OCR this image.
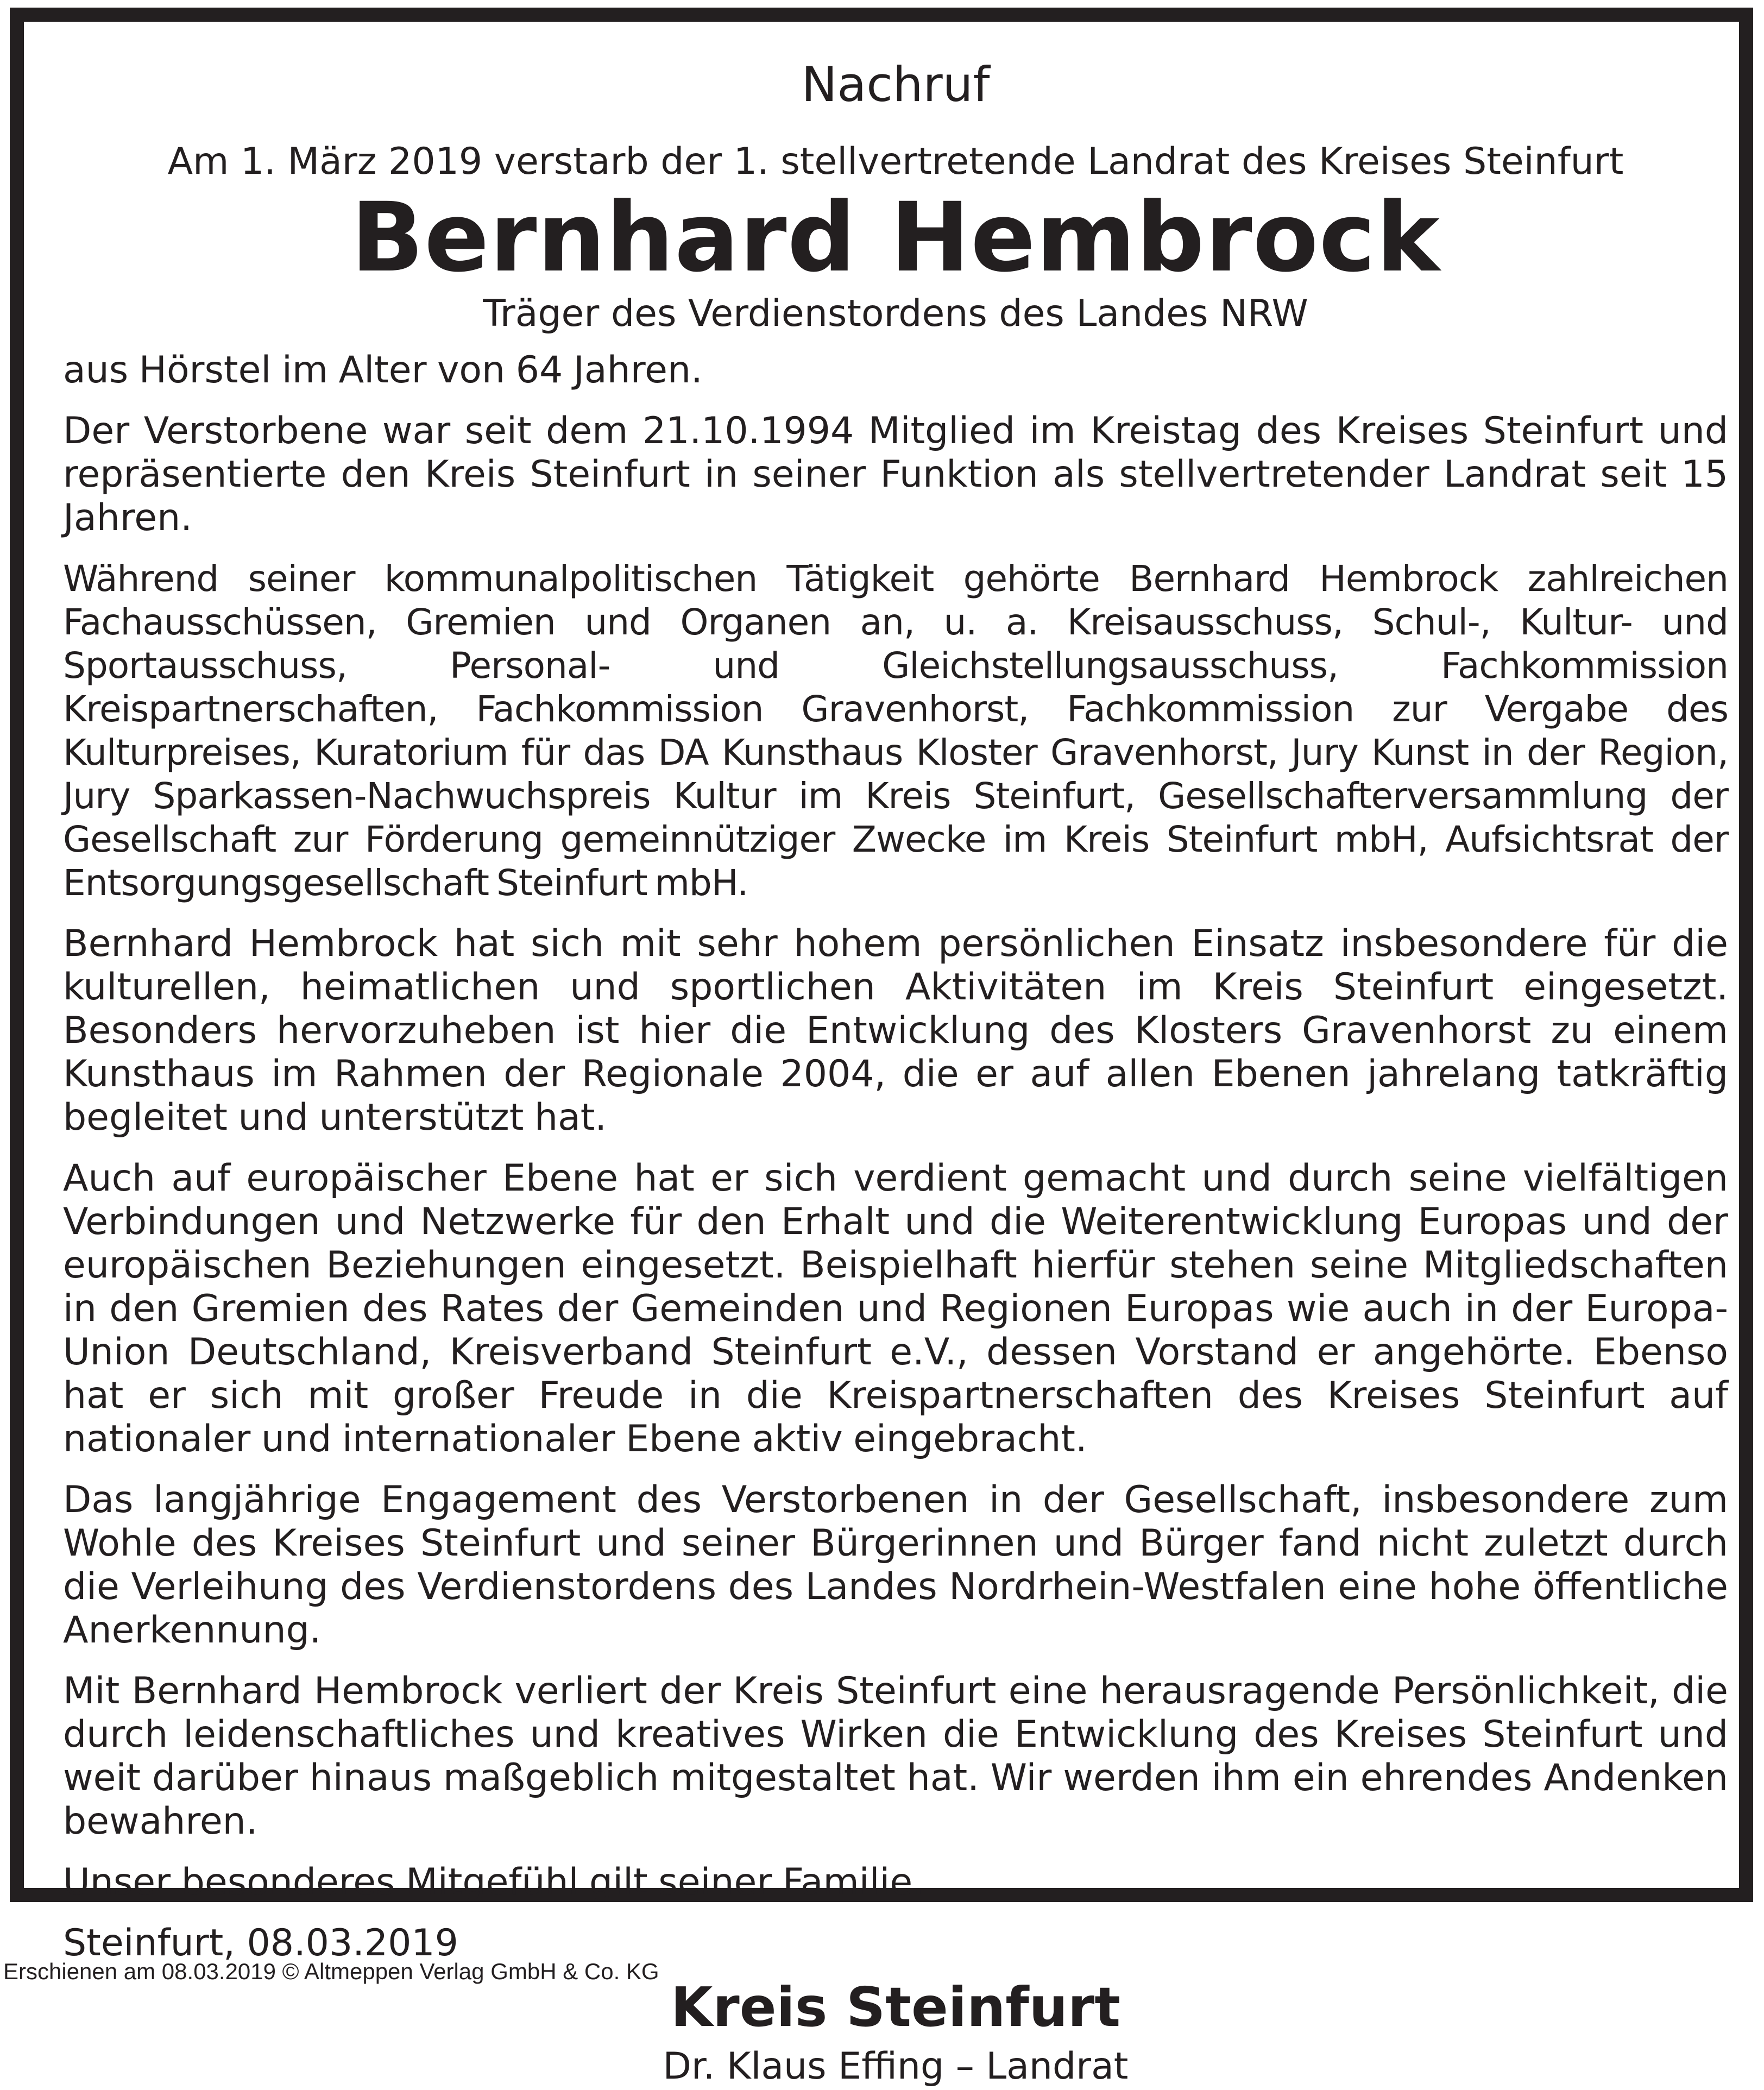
Nachruf

Am 1. März 2019 verstarb der 1. stellvertretende Landrat des Kreises Steinfurt

Bernhard Hembrock

Träger des Verdienstordens des Landes NRW

aus Hörstel im Alter von 64 Jahren.

Der Verstorbene war seit dem 21.10.1994 Mitglied im Kreistag des Kreises Steinfurt und repräsentierte den Kreis Steinfurt in seiner Funktion als stellvertretender Landrat seit 15 Jahren.

Während seiner kommunalpolitischen Tätigkeit gehörte Bernhard Hembrock zahlreichen Fachausschüssen, Gremien und Organen an, u. a. Kreisausschuss, Schul-, Kultur- und Sportausschuss, Personal- und Gleichstellungsausschuss, Fachkommission Kreispartnerschaften, Fachkommission Gravenhorst, Fachkommission zur Vergabe des Kulturpreises, Kuratorium für das DA Kunsthaus Kloster Gravenhorst, Jury Kunst in der Region, Jury Sparkassen-Nachwuchspreis Kultur im Kreis Steinfurt, Gesellschafterversammlung der Gesellschaft zur Förderung gemeinnütziger Zwecke im Kreis Steinfurt mbH, Aufsichtsrat der Entsorgungsgesellschaft Steinfurt mbH.

Bernhard Hembrock hat sich mit sehr hohem persönlichen Einsatz insbesondere für die kulturellen, heimatlichen und sportlichen Aktivitäten im Kreis Steinfurt eingesetzt. Besonders hervorzuheben ist hier die Entwicklung des Klosters Gravenhorst zu einem Kunsthaus im Rahmen der Regionale 2004, die er auf allen Ebenen jahrelang tatkräftig begleitet und unterstützt hat.

Auch auf europäischer Ebene hat er sich verdient gemacht und durch seine vielfältigen Verbindungen und Netzwerke für den Erhalt und die Weiterentwicklung Europas und der europäischen Beziehungen eingesetzt. Beispielhaft hierfür stehen seine Mitgliedschaften in den Gremien des Rates der Gemeinden und Regionen Europas wie auch in der Europa-Union Deutschland, Kreisverband Steinfurt e.V., dessen Vorstand er angehörte. Ebenso hat er sich mit großer Freude in die Kreispartnerschaften des Kreises Steinfurt auf nationaler und internationaler Ebene aktiv eingebracht.

Das langjährige Engagement des Verstorbenen in der Gesellschaft, insbesondere zum Wohle des Kreises Steinfurt und seiner Bürgerinnen und Bürger fand nicht zuletzt durch die Verleihung des Verdienstordens des Landes Nordrhein-Westfalen eine hohe öffentliche Anerkennung.

Mit Bernhard Hembrock verliert der Kreis Steinfurt eine herausragende Persönlichkeit, die durch leidenschaftliches und kreatives Wirken die Entwicklung des Kreises Steinfurt und weit darüber hinaus maßgeblich mitgestaltet hat. Wir werden ihm ein ehrendes Andenken bewahren.

Unser besonderes Mitgefühl gilt seiner Familie.

Steinfurt, 08.03.2019

Kreis Steinfurt

Dr. Klaus Effing – Landrat

Erschienen am 08.03.2019 © Altmeppen Verlag GmbH & Co. KG
